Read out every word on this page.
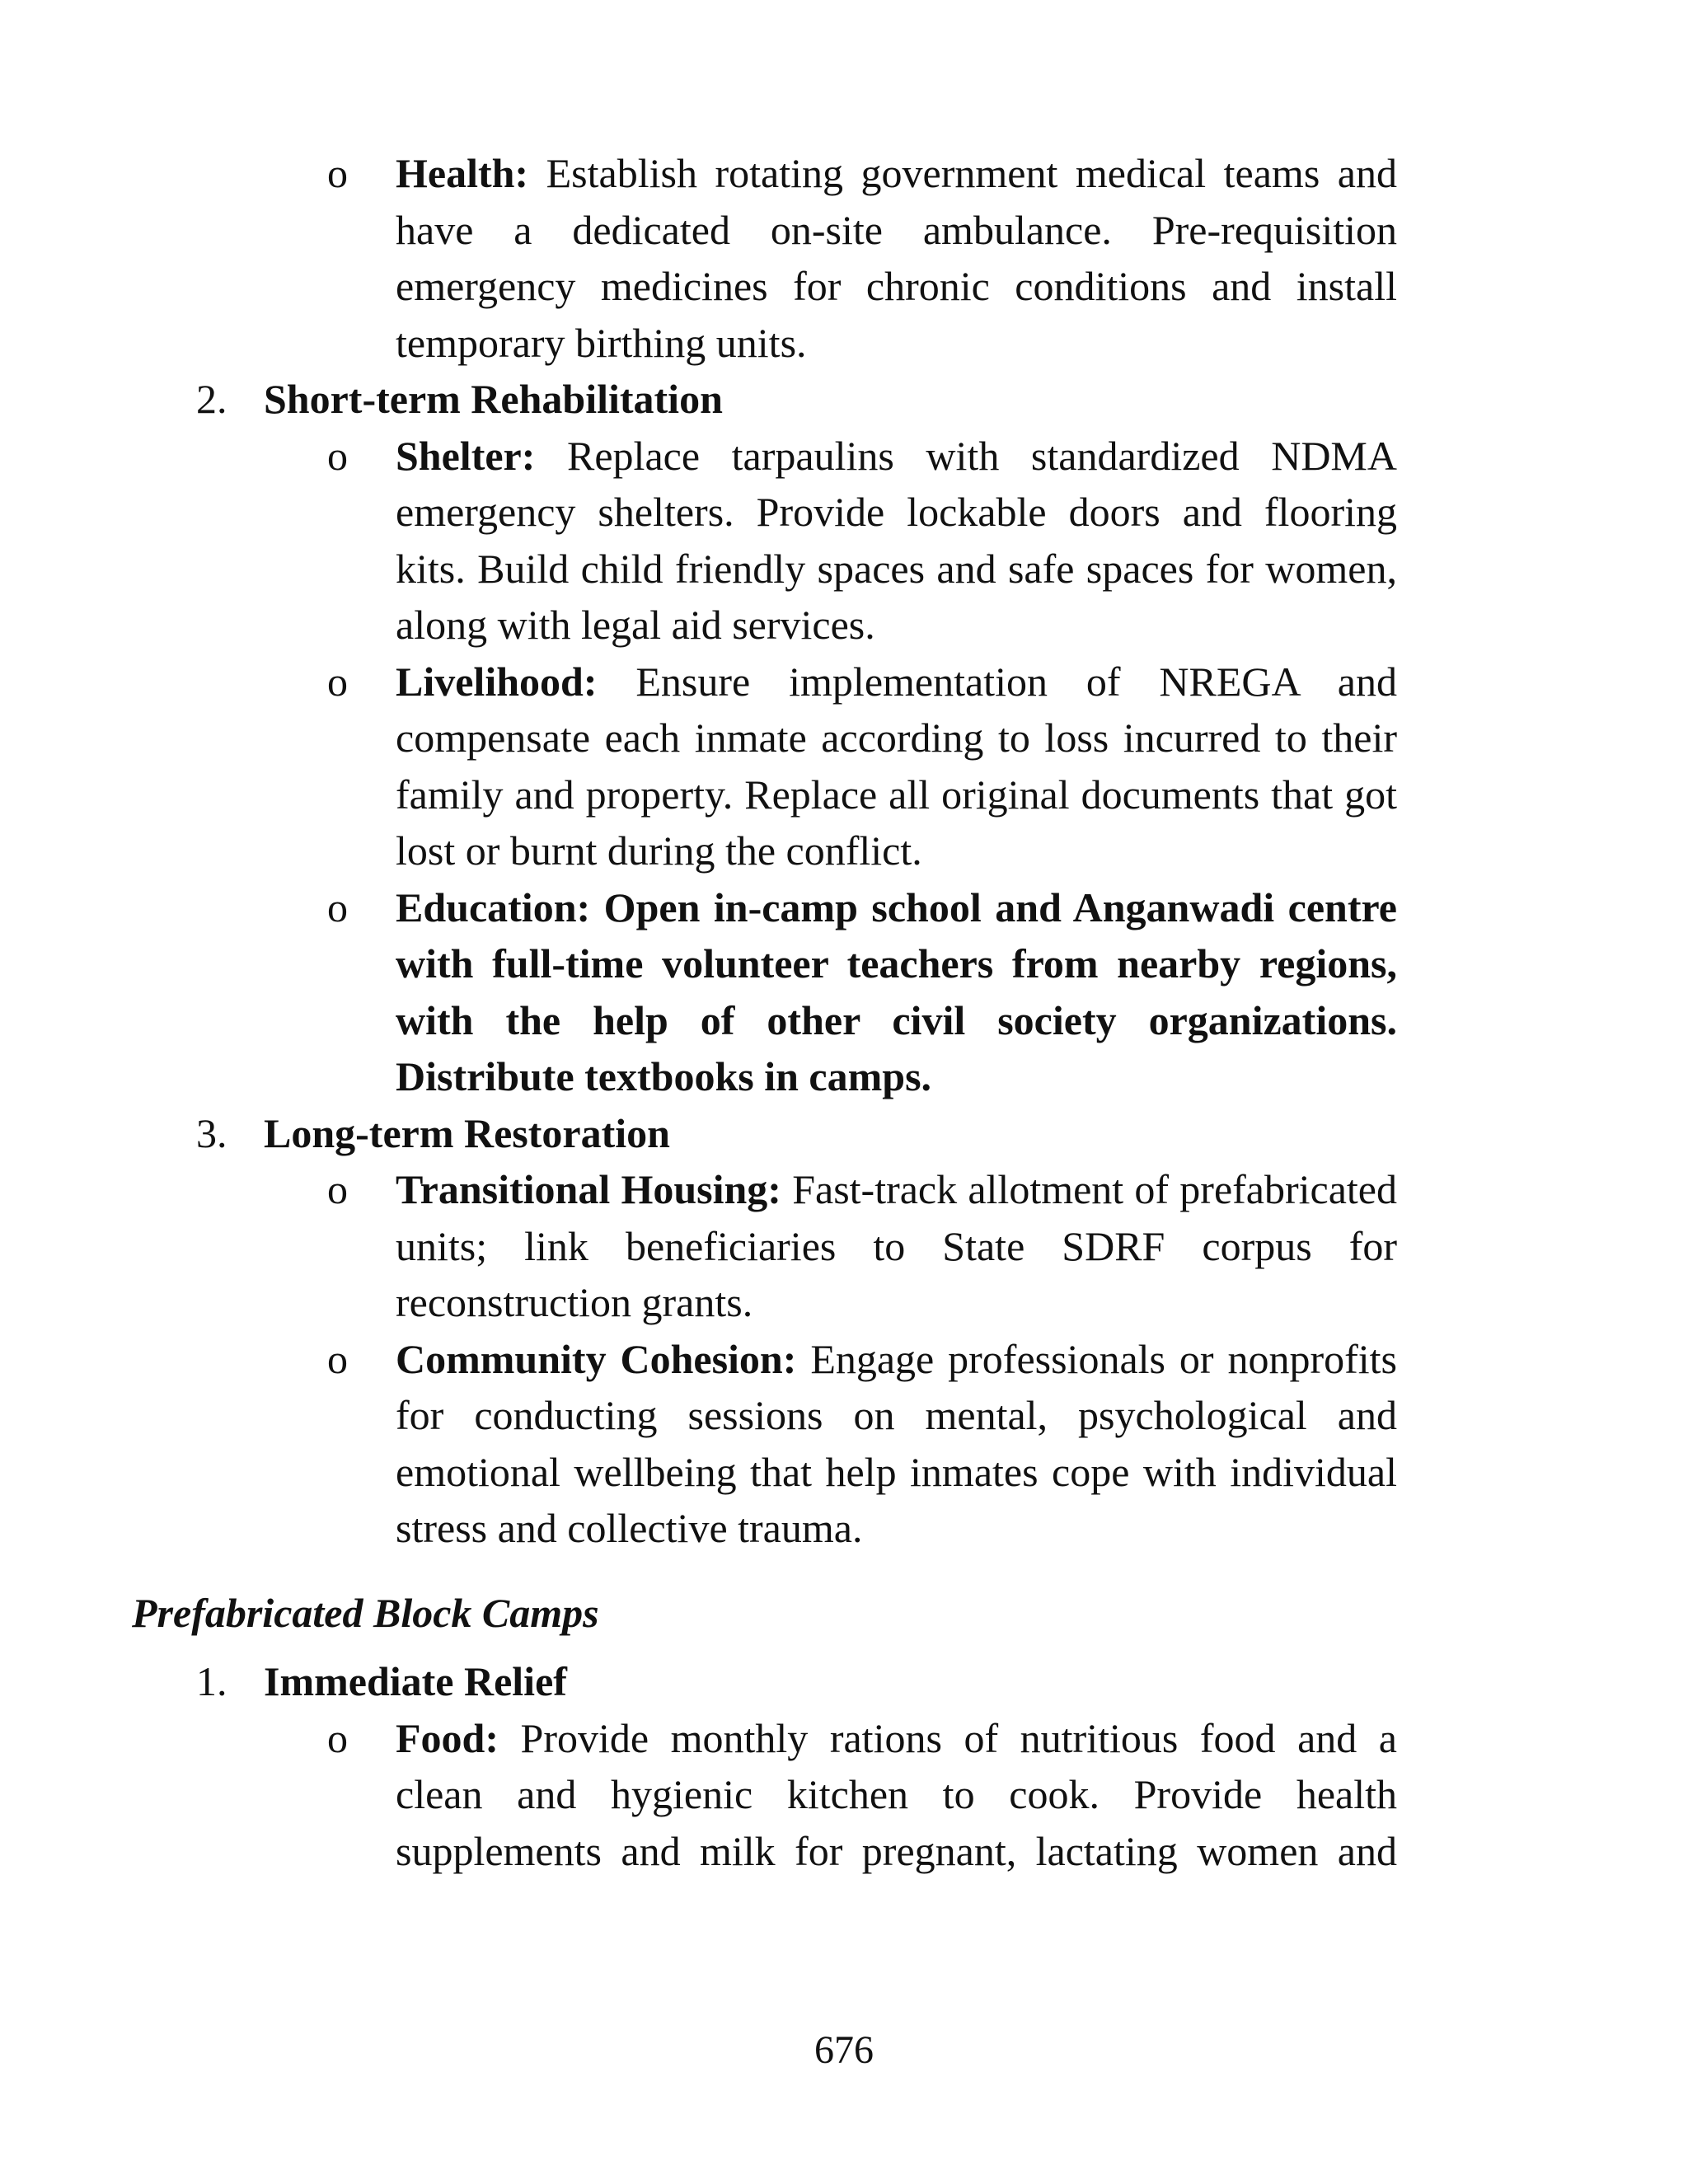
o Health: Establish rotating government medical teams and have a dedicated on-site ambulance. Pre-requisition emergency medicines for chronic conditions and install temporary birthing units.
2. Short-term Rehabilitation
o Shelter: Replace tarpaulins with standardized NDMA emergency shelters. Provide lockable doors and flooring kits. Build child friendly spaces and safe spaces for women, along with legal aid services.
o Livelihood: Ensure implementation of NREGA and compensate each inmate according to loss incurred to their family and property. Replace all original documents that got lost or burnt during the conflict.
o Education: Open in-camp school and Anganwadi centre with full-time volunteer teachers from nearby regions, with the help of other civil society organizations. Distribute textbooks in camps.
3. Long-term Restoration
o Transitional Housing: Fast-track allotment of prefabricated units; link beneficiaries to State SDRF corpus for reconstruction grants.
o Community Cohesion: Engage professionals or nonprofits for conducting sessions on mental, psychological and emotional wellbeing that help inmates cope with individual stress and collective trauma.
Prefabricated Block Camps
1. Immediate Relief
o Food: Provide monthly rations of nutritious food and a clean and hygienic kitchen to cook. Provide health supplements and milk for pregnant, lactating women and
676
